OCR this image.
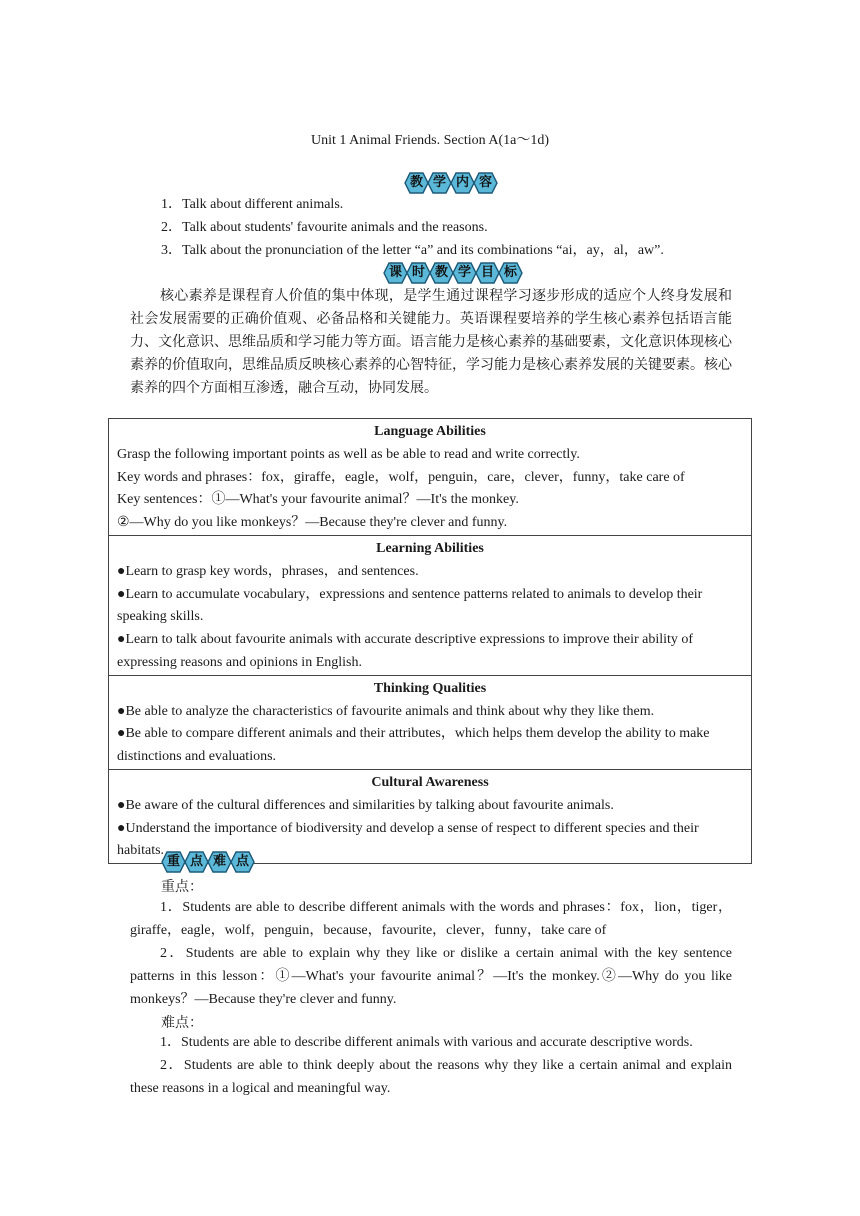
Unit 1 Animal Friends. Section A(1a～1d)
教 学 内 容
1．Talk about different animals.
2．Talk about students' favourite animals and the reasons.
3．Talk about the pronunciation of the letter “a” and its combinations “ai，ay，al，aw”.
课 时 教 学 目 标
核心素养是课程育人价值的集中体现，是学生通过课程学习逐步形成的适应个人终身发展和社会发展需要的正确价值观、必备品格和关键能力。英语课程要培养的学生核心素养包括语言能力、文化意识、思维品质和学习能力等方面。语言能力是核心素养的基础要素，文化意识体现核心素养的价值取向，思维品质反映核心素养的心智特征，学习能力是核心素养发展的关键要素。核心素养的四个方面相互渗透，融合互动，协同发展。
Language Abilities
Grasp the following important points as well as be able to read and write correctly.
Key words and phrases：fox，giraffe，eagle，wolf，penguin，care，clever，funny，take care of
Key sentences：①—What's your favourite animal？—It's the monkey.
②—Why do you like monkeys？—Because they're clever and funny.

Learning Abilities
●Learn to grasp key words，phrases，and sentences.
●Learn to accumulate vocabulary，expressions and sentence patterns related to animals to develop their speaking skills.
●Learn to talk about favourite animals with accurate descriptive expressions to improve their ability of expressing reasons and opinions in English.

Thinking Qualities
●Be able to analyze the characteristics of favourite animals and think about why they like them.
●Be able to compare different animals and their attributes，which helps them develop the ability to make distinctions and evaluations.

Cultural Awareness
●Be aware of the cultural differences and similarities by talking about favourite animals.
●Understand the importance of biodiversity and develop a sense of respect to different species and their habitats.
重 点 难 点
重点：
1．Students are able to describe different animals with the words and phrases：fox，lion，tiger，giraffe，eagle，wolf，penguin，because，favourite，clever，funny，take care of
2．Students are able to explain why they like or dislike a certain animal with the key sentence patterns in this lesson：①—What's your favourite animal？—It's the monkey.②—Why do you like monkeys？—Because they're clever and funny.
难点：
1．Students are able to describe different animals with various and accurate descriptive words.
2．Students are able to think deeply about the reasons why they like a certain animal and explain these reasons in a logical and meaningful way.
